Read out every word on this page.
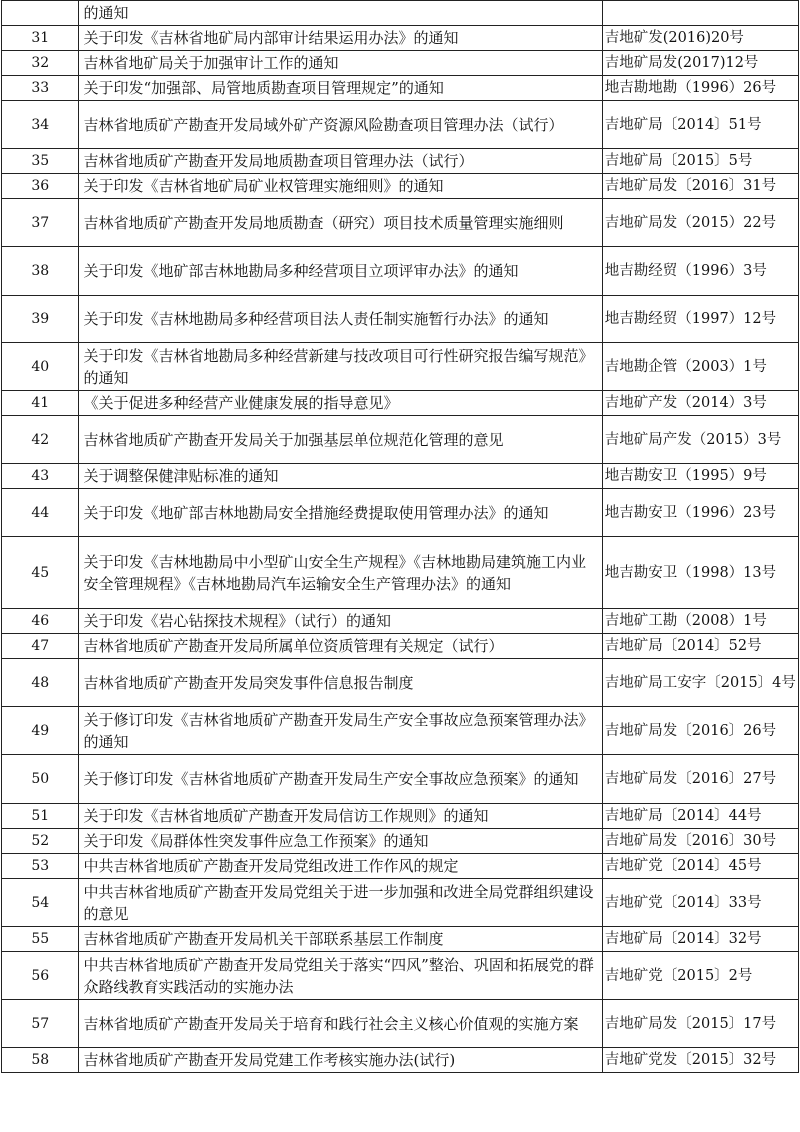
	的通知	
31	关于印发《吉林省地矿局内部审计结果运用办法》的通知	吉地矿发(2016)20号
32	吉林省地矿局关于加强审计工作的通知	吉地矿局发(2017)12号
33	关于印发“加强部、局管地质勘查项目管理规定”的通知	地吉勘地勘（1996）26号
34	吉林省地质矿产勘查开发局域外矿产资源风险勘查项目管理办法（试行）	吉地矿局〔2014〕51号
35	吉林省地质矿产勘查开发局地质勘查项目管理办法（试行）	吉地矿局〔2015〕5号
36	关于印发《吉林省地矿局矿业权管理实施细则》的通知	吉地矿局发〔2016〕31号
37	吉林省地质矿产勘查开发局地质勘查（研究）项目技术质量管理实施细则	吉地矿局发（2015）22号
38	关于印发《地矿部吉林地勘局多种经营项目立项评审办法》的通知	地吉勘经贸（1996）3号
39	关于印发《吉林地勘局多种经营项目法人责任制实施暂行办法》的通知	地吉勘经贸（1997）12号
40	关于印发《吉林省地勘局多种经营新建与技改项目可行性研究报告编写规范》的通知	吉地勘企管（2003）1号
41	《关于促进多种经营产业健康发展的指导意见》	吉地矿产发（2014）3号
42	吉林省地质矿产勘查开发局关于加强基层单位规范化管理的意见	吉地矿局产发（2015）3号
43	关于调整保健津贴标准的通知	地吉勘安卫（1995）9号
44	关于印发《地矿部吉林地勘局安全措施经费提取使用管理办法》的通知	地吉勘安卫（1996）23号
45	关于印发《吉林地勘局中小型矿山安全生产规程》《吉林地勘局建筑施工内业安全管理规程》《吉林地勘局汽车运输安全生产管理办法》的通知	地吉勘安卫（1998）13号
46	关于印发《岩心钻探技术规程》（试行）的通知	吉地矿工勘（2008）1号
47	吉林省地质矿产勘查开发局所属单位资质管理有关规定（试行）	吉地矿局〔2014〕52号
48	吉林省地质矿产勘查开发局突发事件信息报告制度	吉地矿局工安字〔2015〕4号
49	关于修订印发《吉林省地质矿产勘查开发局生产安全事故应急预案管理办法》的通知	吉地矿局发〔2016〕26号
50	关于修订印发《吉林省地质矿产勘查开发局生产安全事故应急预案》的通知	吉地矿局发〔2016〕27号
51	关于印发《吉林省地质矿产勘查开发局信访工作规则》的通知	吉地矿局〔2014〕44号
52	关于印发《局群体性突发事件应急工作预案》的通知	吉地矿局发〔2016〕30号
53	中共吉林省地质矿产勘查开发局党组改进工作作风的规定	吉地矿党〔2014〕45号
54	中共吉林省地质矿产勘查开发局党组关于进一步加强和改进全局党群组织建设的意见	吉地矿党〔2014〕33号
55	吉林省地质矿产勘查开发局机关干部联系基层工作制度	吉地矿局〔2014〕32号
56	中共吉林省地质矿产勘查开发局党组关于落实“四风”整治、巩固和拓展党的群众路线教育实践活动的实施办法	吉地矿党〔2015〕2号
57	吉林省地质矿产勘查开发局关于培育和践行社会主义核心价值观的实施方案	吉地矿局发〔2015〕17号
58	吉林省地质矿产勘查开发局党建工作考核实施办法(试行)	吉地矿党发〔2015〕32号
